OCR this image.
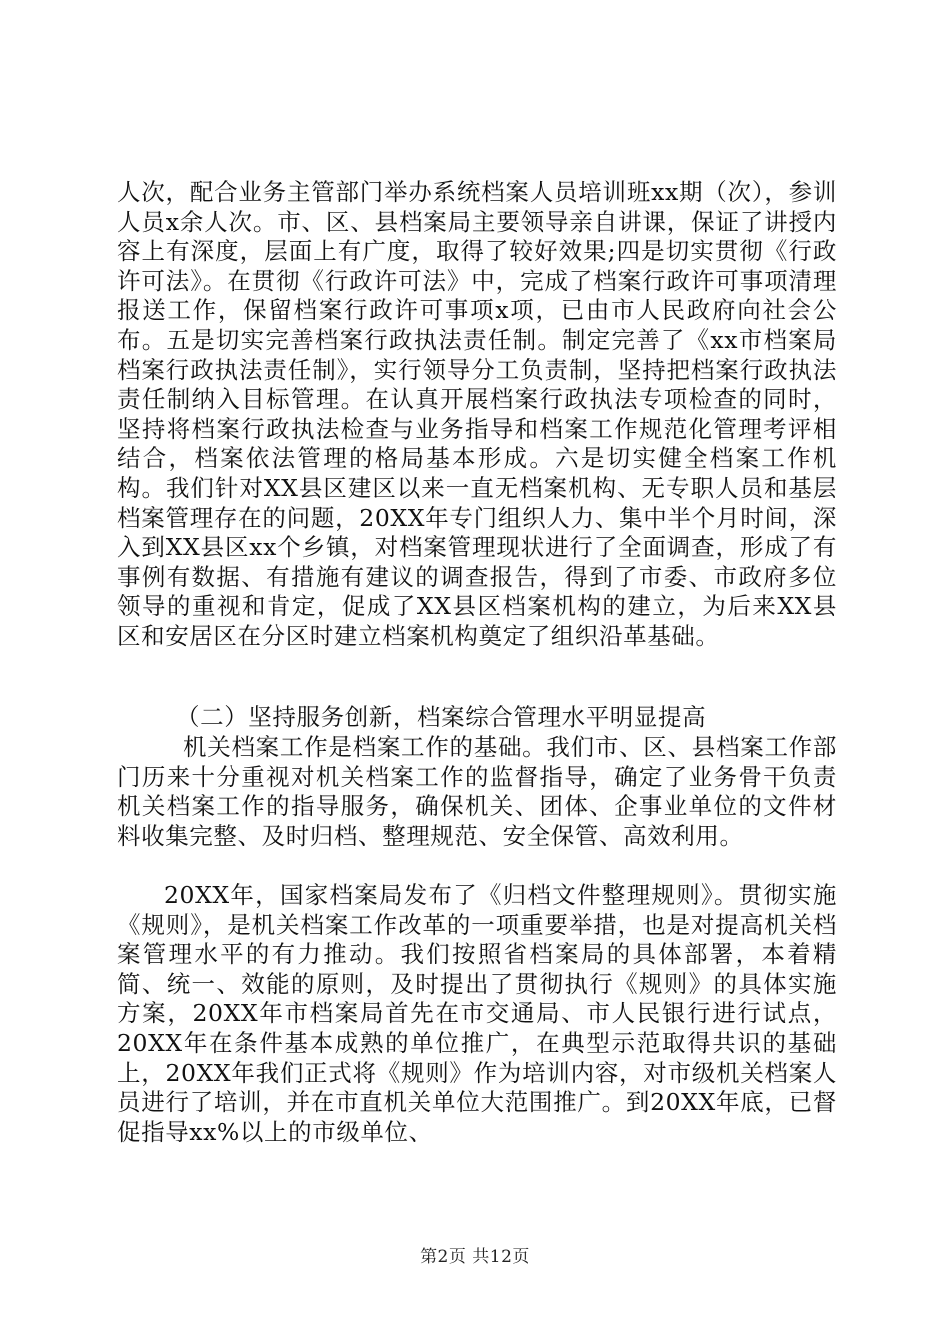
人次，配合业务主管部门举办系统档案人员培训班xx期（次），参训人员x余人次。市、区、县档案局主要领导亲自讲课，保证了讲授内容上有深度，层面上有广度，取得了较好效果;四是切实贯彻《行政许可法》。在贯彻《行政许可法》中，完成了档案行政许可事项清理报送工作，保留档案行政许可事项x项，已由市人民政府向社会公布。五是切实完善档案行政执法责任制。制定完善了《xx市档案局档案行政执法责任制》，实行领导分工负责制，坚持把档案行政执法责任制纳入目标管理。在认真开展档案行政执法专项检查的同时，坚持将档案行政执法检查与业务指导和档案工作规范化管理考评相结合，档案依法管理的格局基本形成。六是切实健全档案工作机构。我们针对XX县区建区以来一直无档案机构、无专职人员和基层档案管理存在的问题，20XX年专门组织人力、集中半个月时间，深入到XX县区xx个乡镇，对档案管理现状进行了全面调查，形成了有事例有数据、有措施有建议的调查报告，得到了市委、市政府多位领导的重视和肯定，促成了XX县区档案机构的建立，为后来XX县区和安居区在分区时建立档案机构奠定了组织沿革基础。

（二）坚持服务创新，档案综合管理水平明显提高

机关档案工作是档案工作的基础。我们市、区、县档案工作部门历来十分重视对机关档案工作的监督指导，确定了业务骨干负责机关档案工作的指导服务，确保机关、团体、企事业单位的文件材料收集完整、及时归档、整理规范、安全保管、高效利用。

20XX年，国家档案局发布了《归档文件整理规则》。贯彻实施《规则》，是机关档案工作改革的一项重要举措，也是对提高机关档案管理水平的有力推动。我们按照省档案局的具体部署，本着精简、统一、效能的原则，及时提出了贯彻执行《规则》的具体实施方案，20XX年市档案局首先在市交通局、市人民银行进行试点，20XX年在条件基本成熟的单位推广，在典型示范取得共识的基础上，20XX年我们正式将《规则》作为培训内容，对市级机关档案人员进行了培训，并在市直机关单位大范围推广。到20XX年底，已督促指导xx%以上的市级单位、

第2页 共12页
